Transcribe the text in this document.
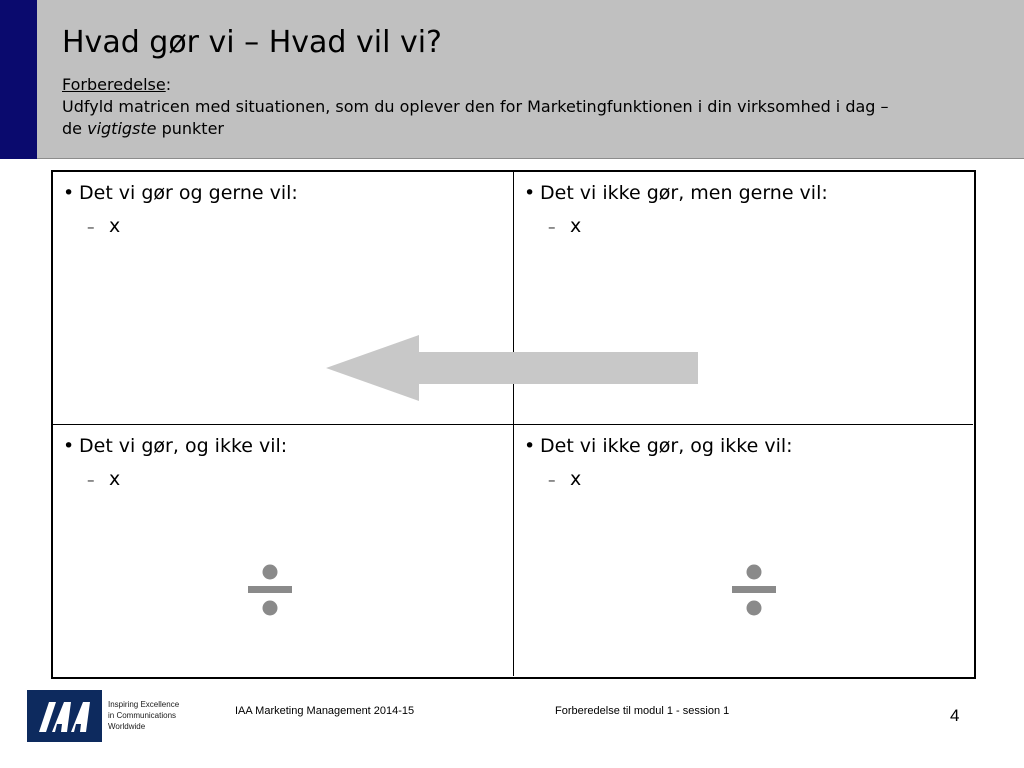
Hvad gør vi – Hvad vil vi?
Forberedelse:
Udfyld matricen med situationen, som du oplever den for Marketingfunktionen i din virksomhed i dag –
de vigtigste punkter
• Det vi gør og gerne vil:
– x
• Det vi ikke gør, men gerne vil:
– x
• Det vi gør, og ikke vil:
– x
• Det vi ikke gør, og ikke vil:
– x
Inspiring Excellence
in Communications
Worldwide
IAA Marketing Management 2014-15	Forberedelse til modul 1 - session 1	4
